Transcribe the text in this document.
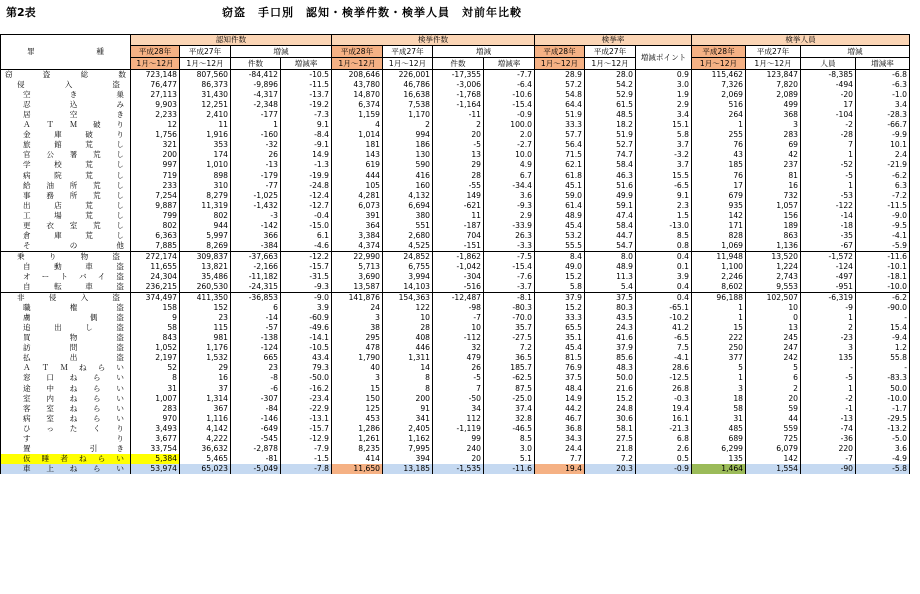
第2表	窃盗　手口別　認知・検挙件数・検挙人員　対前年比較
罪 種	認知件数				検挙件数				検挙率			検挙人員			
	平成28年	平成27年	増減		平成28年	平成27年	増減		平成28年	平成27年	増減ポイント	平成28年	平成27年	増減	
	1月～12月	1月～12月	件数	増減率	1月～12月	1月～12月	件数	増減率	1月～12月	1月～12月		1月～12月	1月～12月	人員	増減率
窃　　盗　　総　　数	723,148	807,560	-84,412	-10.5	208,646	226,001	-17,355	-7.7	28.9	28.0	0.9	115,462	123,847	-8,385	-6.8
侵　　入　　盗	76,477	86,373	-9,896	-11.5	43,780	46,786	-3,006	-6.4	57.2	54.2	3.0	7,326	7,820	-494	-6.3
空　き　巣	27,113	31,430	-4,317	-13.7	14,870	16,638	-1,768	-10.6	54.8	52.9	1.9	2,069	2,089	-20	-1.0
忍　込　み	9,903	12,251	-2,348	-19.2	6,374	7,538	-1,164	-15.4	64.4	61.5	2.9	516	499	17	3.4
居　空　き	2,233	2,410	-177	-7.3	1,159	1,170	-11	-0.9	51.9	48.5	3.4	264	368	-104	-28.3
Ａ　Ｔ　Ｍ　破　り	12	11	1	9.1	4	2	2	100.0	33.3	18.2	15.1	1	3	-2	-66.7
金　庫　破　り	1,756	1,916	-160	-8.4	1,014	994	20	2.0	57.7	51.9	5.8	255	283	-28	-9.9
旅　館　荒　し	321	353	-32	-9.1	181	186	-5	-2.7	56.4	52.7	3.7	76	69	7	10.1
官　公　署　荒　し	200	174	26	14.9	143	130	13	10.0	71.5	74.7	-3.2	43	42	1	2.4
学　校　荒　し	997	1,010	-13	-1.3	619	590	29	4.9	62.1	58.4	3.7	185	237	-52	-21.9
病　院　荒　し	719	898	-179	-19.9	444	416	28	6.7	61.8	46.3	15.5	76	81	-5	-6.2
給　油　所　荒　し	233	310	-77	-24.8	105	160	-55	-34.4	45.1	51.6	-6.5	17	16	1	6.3
事　務　所　荒　し	7,254	8,279	-1,025	-12.4	4,281	4,132	149	3.6	59.0	49.9	9.1	679	732	-53	-7.2
出　店　荒　し	9,887	11,319	-1,432	-12.7	6,073	6,694	-621	-9.3	61.4	59.1	2.3	935	1,057	-122	-11.5
工　場　荒　し	799	802	-3	-0.4	391	380	11	2.9	48.9	47.4	1.5	142	156	-14	-9.0
更　衣　室　荒　し	802	944	-142	-15.0	364	551	-187	-33.9	45.4	58.4	-13.0	171	189	-18	-9.5
倉　庫　荒　し	6,363	5,997	366	6.1	3,384	2,680	704	26.3	53.2	44.7	8.5	828	863	-35	-4.1
そ　　の　　他	7,885	8,269	-384	-4.6	4,374	4,525	-151	-3.3	55.5	54.7	0.8	1,069	1,136	-67	-5.9
乗　り　物　盗	272,174	309,837	-37,663	-12.2	22,990	24,852	-1,862	-7.5	8.4	8.0	0.4	11,948	13,520	-1,572	-11.6
自　動　車　盗	11,655	13,821	-2,166	-15.7	5,713	6,755	-1,042	-15.4	49.0	48.9	0.1	1,100	1,224	-124	-10.1
オ　ー　ト　バ　イ　盗	24,304	35,486	-11,182	-31.5	3,690	3,994	-304	-7.6	15.2	11.3	3.9	2,246	2,743	-497	-18.1
自　転　車　盗	236,215	260,530	-24,315	-9.3	13,587	14,103	-516	-3.7	5.8	5.4	0.4	8,602	9,553	-951	-10.0
非　　侵　　入　　盗	374,497	411,350	-36,853	-9.0	141,876	154,363	-12,487	-8.1	37.9	37.5	0.4	96,188	102,507	-6,319	-6.2
職　権　盗	158	152	6	3.9	24	122	-98	-80.3	15.2	80.3	-65.1	1	10	-9	-90.0
虜　　　　偶　盗	9	23	-14	-60.9	3	10	-7	-70.0	33.3	43.5	-10.2	1	0	1	-
追　出　し　盗	58	115	-57	-49.6	38	28	10	35.7	65.5	24.3	41.2	15	13	2	15.4
買　物　盗	843	981	-138	-14.1	295	408	-112	-27.5	35.1	41.6	-6.5	222	245	-23	-9.4
訪　問　盗	1,052	1,176	-124	-10.5	478	446	32	7.2	45.4	37.9	7.5	250	247	3	1.2
払　出　盗	2,197	1,532	665	43.4	1,790	1,311	479	36.5	81.5	85.6	-4.1	377	242	135	55.8
Ａ　Ｔ　Ｍ　ね　ら　い	52	29	23	79.3	40	14	26	185.7	76.9	48.3	28.6	5	5	-	-
窓　口　ね　ら　い	8	16	-8	-50.0	3	8	-5	-62.5	37.5	50.0	-12.5	1	6	-5	-83.3
途　中　ね　ら　い	31	37	-6	-16.2	15	8	7	87.5	48.4	21.6	26.8	3	2	1	50.0
室　内　ね　ら　い	1,007	1,314	-307	-23.4	150	200	-50	-25.0	14.9	15.2	-0.3	18	20	-2	-10.0
客　室　ね　ら　い	283	367	-84	-22.9	125	91	34	37.4	44.2	24.8	19.4	58	59	-1	-1.7
病　室　ね　ら　い	970	1,116	-146	-13.1	453	341	112	32.8	46.7	30.6	16.1	31	44	-13	-29.5
ひ　っ　た　く　り	3,493	4,142	-649	-15.7	1,286	2,405	-1,119	-46.5	36.8	58.1	-21.3	485	559	-74	-13.2
す　　　　　　り	3,677	4,222	-545	-12.9	1,261	1,162	99	8.5	34.3	27.5	6.8	689	725	-36	-5.0
置　　　　引　き	33,754	36,632	-2,878	-7.9	8,235	7,995	240	3.0	24.4	21.8	2.6	6,299	6,079	220	3.6
仮　睡　者　ね　ら　い	5,384	5,465	-81	-1.5	414	394	20	5.1	7.7	7.2	0.5	135	142	-7	-4.9
車　上　ね　ら　い	53,974	65,023	-5,049	-7.8	11,650	13,185	-1,535	-11.6	19.4	20.3	-0.9	1,464	1,554	-90	-5.8
